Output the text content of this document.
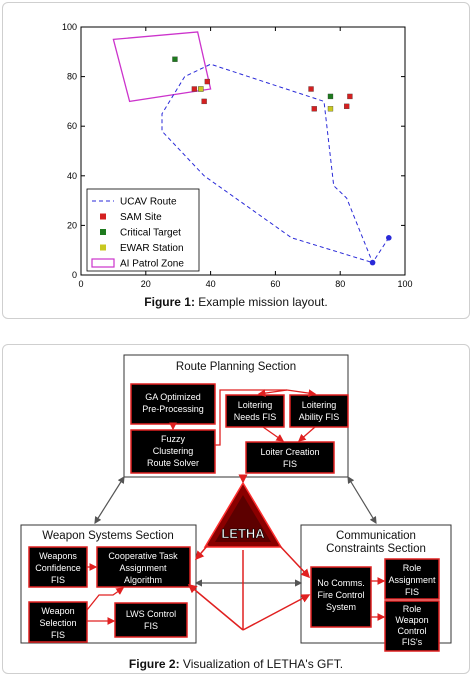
0	20	40	60	80	100
0
20
40
60
80
100
UCAV Route
SAM Site
Critical Target
EWAR Station
AI Patrol Zone
Figure 1: Example mission layout.
Route Planning Section
Weapon Systems Section	Communication
Constraints Section
GA Optimized
Pre-Processing
Fuzzy
Clustering
Route Solver
Loitering
Needs FIS
Loitering
Ability FIS
Loiter Creation
FIS
Weapons
Confidence
FIS
Cooperative Task
Assignment
Algorithm
Weapon
Selection
FIS
LWS Control
FIS
No Comms.
Fire Control
System
Role
Assignment
FIS
Role
Weapon
Control
FIS's
LETHA
Figure 2: Visualization of LETHA's GFT.
